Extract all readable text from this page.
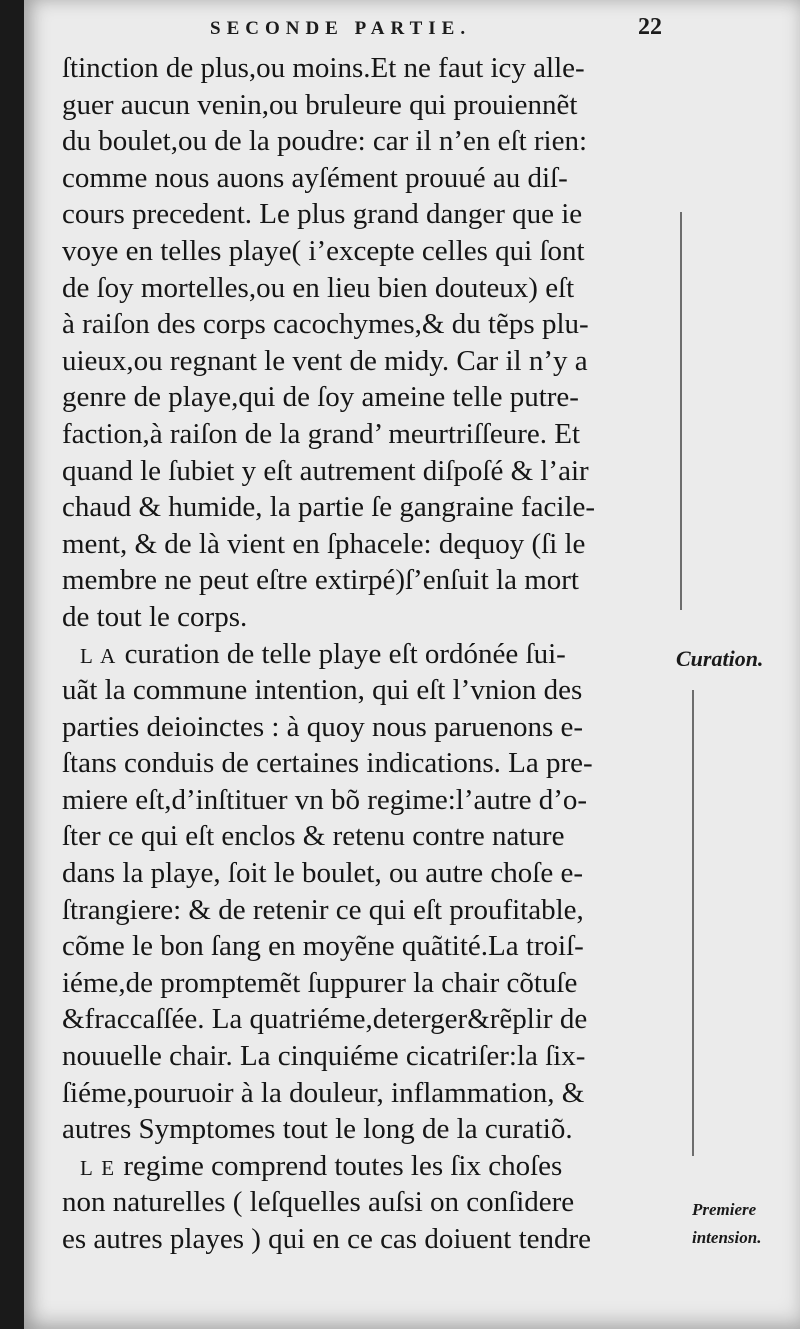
SECONDE PARTIE.	22
ſtinction de plus,ou moins.Et ne faut icy alle-
guer aucun venin,ou bruleure qui prouiennẽt
du boulet,ou de la poudre: car il n’en eſt rien:
comme nous auons ayſément prouué au diſ-
cours precedent. Le plus grand danger que ie
voye en telles playe( i’excepte celles qui ſont
de ſoy mortelles,ou en lieu bien douteux) eſt
à raiſon des corps cacochymes,& du tẽps plu-
uieux,ou regnant le vent de midy. Car il n’y a
genre de playe,qui de ſoy ameine telle putre-
faction,à raiſon de la grand’ meurtriſſeure. Et
quand le ſubiet y eſt autrement diſpoſé & l’air
chaud & humide, la partie ſe gangraine facile-
ment, & de là vient en ſphacele: dequoy (ſi le
membre ne peut eſtre extirpé)ſ’enſuit la mort
de tout le corps.
L A curation de telle playe eſt ordónée ſui-
uãt la commune intention, qui eſt l’vnion des
parties deioinctes : à quoy nous paruenons e-
ſtans conduis de certaines indications. La pre-
miere eſt,d’inſtituer vn bõ regime:l’autre d’o-
ſter ce qui eſt enclos & retenu contre nature
dans la playe, ſoit le boulet, ou autre choſe e-
ſtrangiere: & de retenir ce qui eſt proufitable,
cõme le bon ſang en moyẽne quãtité.La troiſ-
iéme,de promptemẽt ſuppurer la chair cõtuſe
&fraccaſſée. La quatriéme,deterger&rẽplir de
nouuelle chair. La cinquiéme cicatriſer:la ſix-
ſiéme,pouruoir à la douleur, inflammation, &
autres Symptomes tout le long de la curatiõ.
L E regime comprend toutes les ſix choſes
non naturelles ( leſquelles auſsi on conſidere
es autres playes ) qui en ce cas doiuent tendre
Curation.
Premiere
intension.
